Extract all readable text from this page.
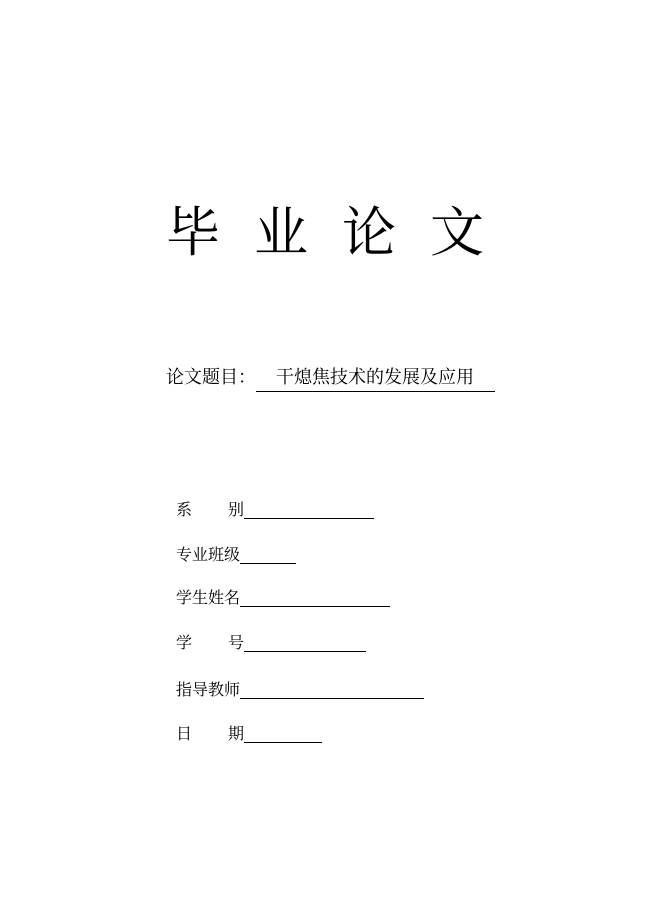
毕 业 论 文
论文题目：	干熄焦技术的发展及应用
系 别
专业班级
学生姓名
学 号
指导教师
日 期
